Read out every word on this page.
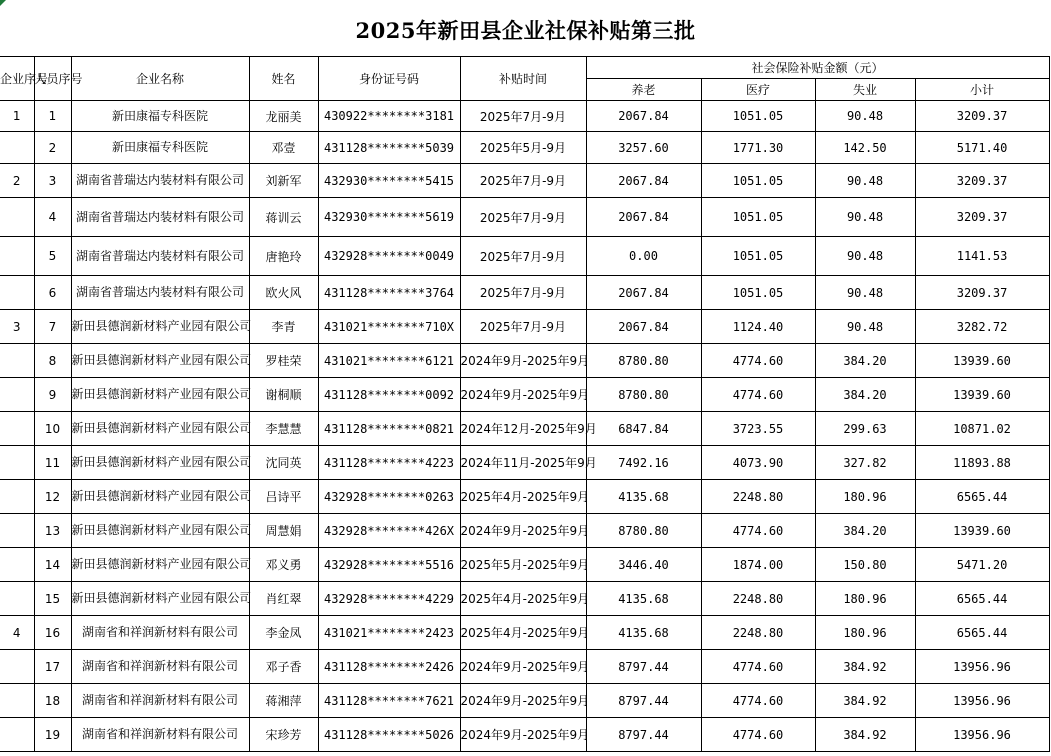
2025年新田县企业社保补贴第三批
企业序号	人员序号	企业名称	姓名	身份证号码	补贴时间	社会保险补贴金额（元）			
						养老	医疗	失业	小计
1	1	新田康福专科医院	龙丽美	430922********3181	2025年7月-9月	2067.84	1051.05	90.48	3209.37
	2	新田康福专科医院	邓壹	431128********5039	2025年5月-9月	3257.60	1771.30	142.50	5171.40
2	3	湖南省普瑞达内装材料有限公司	刘新军	432930********5415	2025年7月-9月	2067.84	1051.05	90.48	3209.37
	4	湖南省普瑞达内装材料有限公司	蒋训云	432930********5619	2025年7月-9月	2067.84	1051.05	90.48	3209.37
	5	湖南省普瑞达内装材料有限公司	唐艳玲	432928********0049	2025年7月-9月	0.00	1051.05	90.48	1141.53
	6	湖南省普瑞达内装材料有限公司	欧火风	431128********3764	2025年7月-9月	2067.84	1051.05	90.48	3209.37
3	7	新田县德润新材料产业园有限公司	李青	431021********710X	2025年7月-9月	2067.84	1124.40	90.48	3282.72
	8	新田县德润新材料产业园有限公司	罗桂荣	431021********6121	2024年9月-2025年9月	8780.80	4774.60	384.20	13939.60
	9	新田县德润新材料产业园有限公司	谢桐顺	431128********0092	2024年9月-2025年9月	8780.80	4774.60	384.20	13939.60
	10	新田县德润新材料产业园有限公司	李慧慧	431128********0821	2024年12月-2025年9月	6847.84	3723.55	299.63	10871.02
	11	新田县德润新材料产业园有限公司	沈同英	431128********4223	2024年11月-2025年9月	7492.16	4073.90	327.82	11893.88
	12	新田县德润新材料产业园有限公司	吕诗平	432928********0263	2025年4月-2025年9月	4135.68	2248.80	180.96	6565.44
	13	新田县德润新材料产业园有限公司	周慧娟	432928********426X	2024年9月-2025年9月	8780.80	4774.60	384.20	13939.60
	14	新田县德润新材料产业园有限公司	邓义勇	432928********5516	2025年5月-2025年9月	3446.40	1874.00	150.80	5471.20
	15	新田县德润新材料产业园有限公司	肖红翠	432928********4229	2025年4月-2025年9月	4135.68	2248.80	180.96	6565.44
4	16	湖南省和祥润新材料有限公司	李金凤	431021********2423	2025年4月-2025年9月	4135.68	2248.80	180.96	6565.44
	17	湖南省和祥润新材料有限公司	邓子香	431128********2426	2024年9月-2025年9月	8797.44	4774.60	384.92	13956.96
	18	湖南省和祥润新材料有限公司	蒋湘萍	431128********7621	2024年9月-2025年9月	8797.44	4774.60	384.92	13956.96
	19	湖南省和祥润新材料有限公司	宋珍芳	431128********5026	2024年9月-2025年9月	8797.44	4774.60	384.92	13956.96
